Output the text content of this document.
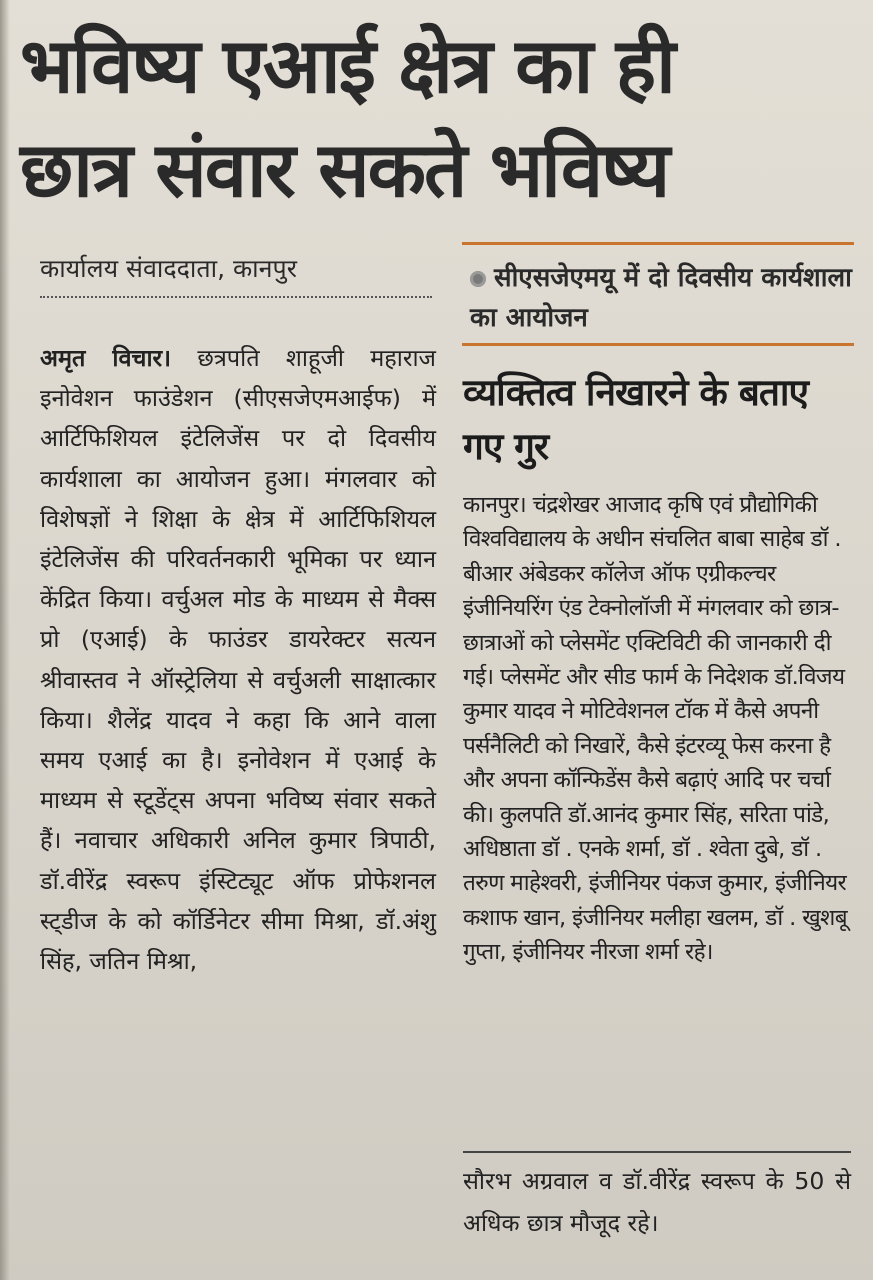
भविष्य एआई क्षेत्र का ही
छात्र संवार सकते भविष्य
कार्यालय संवाददाता, कानपुर
अमृत विचार। छत्रपति शाहूजी महाराज इनोवेशन फाउंडेशन (सीएसजेएमआईफ) में आर्टिफिशियल इंटेलिजेंस पर दो दिवसीय कार्यशाला का आयोजन हुआ। मंगलवार को विशेषज्ञों ने शिक्षा के क्षेत्र में आर्टिफिशियल इंटेलिजेंस की परिवर्तनकारी भूमिका पर ध्यान केंद्रित किया। वर्चुअल मोड के माध्यम से मैक्स प्रो (एआई) के फाउंडर डायरेक्टर सत्यन श्रीवास्तव ने ऑस्ट्रेलिया से वर्चुअली साक्षात्कार किया। शैलेंद्र यादव ने कहा कि आने वाला समय एआई का है। इनोवेशन में एआई के माध्यम से स्टूडेंट्स अपना भविष्य संवार सकते हैं। नवाचार अधिकारी अनिल कुमार त्रिपाठी, डॉ.वीरेंद्र स्वरूप इंस्टिट्यूट ऑफ प्रोफेशनल स्ट्डीज के को कॉर्डिनेटर सीमा मिश्रा, डॉ.अंशु सिंह, जतिन मिश्रा,
सीएसजेएमयू में दो दिवसीय कार्यशाला का आयोजन
व्यक्तित्व निखारने के बताए गए गुर
कानपुर। चंद्रशेखर आजाद कृषि एवं प्रौद्योगिकी विश्वविद्यालय के अधीन संचलित बाबा साहेब डॉ . बीआर अंबेडकर कॉलेज ऑफ एग्रीकल्चर इंजीनियरिंग एंड टेक्नोलॉजी में मंगलवार को छात्र-छात्राओं को प्लेसमेंट एक्टिविटी की जानकारी दी गई। प्लेसमेंट और सीड फार्म के निदेशक डॉ.विजय कुमार यादव ने मोटिवेशनल टॉक में कैसे अपनी पर्सनैलिटी को निखारें, कैसे इंटरव्यू फेस करना है और अपना कॉन्फिडेंस कैसे बढ़ाएं आदि पर चर्चा की। कुलपति डॉ.आनंद कुमार सिंह, सरिता पांडे, अधिष्ठाता डॉ . एनके शर्मा, डॉ . श्वेता दुबे, डॉ . तरुण माहेश्वरी, इंजीनियर पंकज कुमार, इंजीनियर कशाफ खान, इंजीनियर मलीहा खलम, डॉ . खुशबू गुप्ता, इंजीनियर नीरजा शर्मा रहे।
सौरभ अग्रवाल व डॉ.वीरेंद्र स्वरूप के 50 से अधिक छात्र मौजूद रहे।
